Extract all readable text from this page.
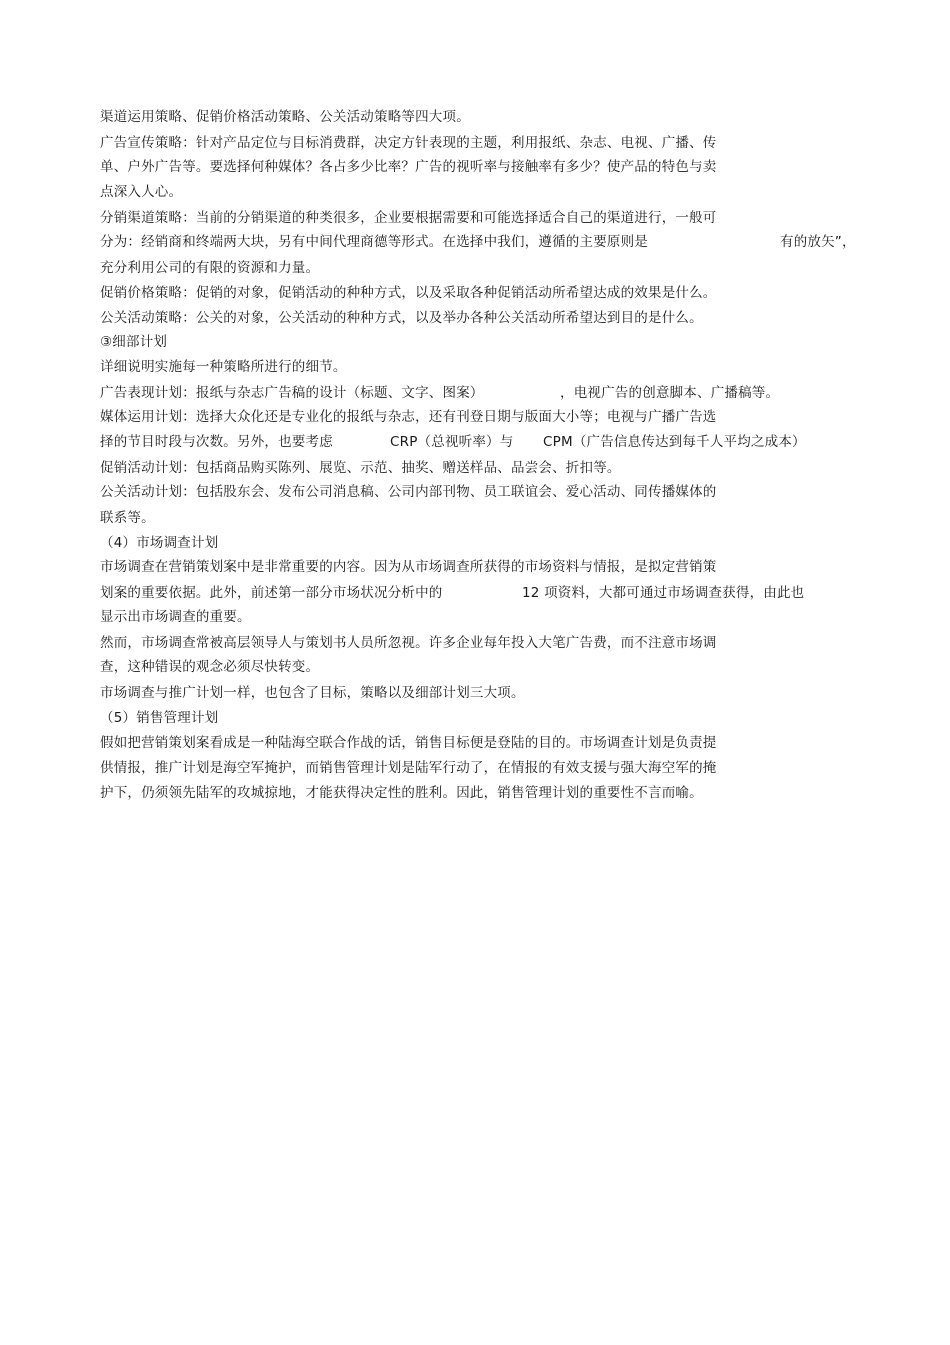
渠道运用策略、促销价格活动策略、公关活动策略等四大项。
广告宣传策略：针对产品定位与目标消费群，决定方针表现的主题，利用报纸、杂志、电视、广播、传
单、户外广告等。要选择何种媒体？各占多少比率？广告的视听率与接触率有多少？使产品的特色与卖
点深入人心。
分销渠道策略：当前的分销渠道的种类很多，企业要根据需要和可能选择适合自己的渠道进行，一般可
分为：经销商和终端两大块，另有中间代理商德等形式。在选择中我们，遵循的主要原则是	有的放矢”，
充分利用公司的有限的资源和力量。
促销价格策略：促销的对象，促销活动的种种方式，以及采取各种促销活动所希望达成的效果是什么。
公关活动策略：公关的对象，公关活动的种种方式，以及举办各种公关活动所希望达到目的是什么。
③细部计划
详细说明实施每一种策略所进行的细节。
广告表现计划：报纸与杂志广告稿的设计（标题、文字、图案）	，电视广告的创意脚本、广播稿等。
媒体运用计划：选择大众化还是专业化的报纸与杂志，还有刊登日期与版面大小等；电视与广播广告选
择的节目时段与次数。另外，也要考虑	CRP（总视听率）与 CPM（广告信息传达到每千人平均之成本）
促销活动计划：包括商品购买陈列、展览、示范、抽奖、赠送样品、品尝会、折扣等。
公关活动计划：包括股东会、发布公司消息稿、公司内部刊物、员工联谊会、爱心活动、同传播媒体的
联系等。
（4）市场调查计划
市场调查在营销策划案中是非常重要的内容。因为从市场调查所获得的市场资料与情报，是拟定营销策
划案的重要依据。此外，前述第一部分市场状况分析中的	12 项资料，大都可通过市场调查获得，由此也
显示出市场调查的重要。
然而，市场调查常被高层领导人与策划书人员所忽视。许多企业每年投入大笔广告费，而不注意市场调
查，这种错误的观念必须尽快转变。
市场调查与推广计划一样，也包含了目标，策略以及细部计划三大项。
（5）销售管理计划
假如把营销策划案看成是一种陆海空联合作战的话，销售目标便是登陆的目的。市场调查计划是负责提
供情报，推广计划是海空军掩护，而销售管理计划是陆军行动了，在情报的有效支援与强大海空军的掩
护下，仍须领先陆军的攻城掠地，才能获得决定性的胜利。因此，销售管理计划的重要性不言而喻。
